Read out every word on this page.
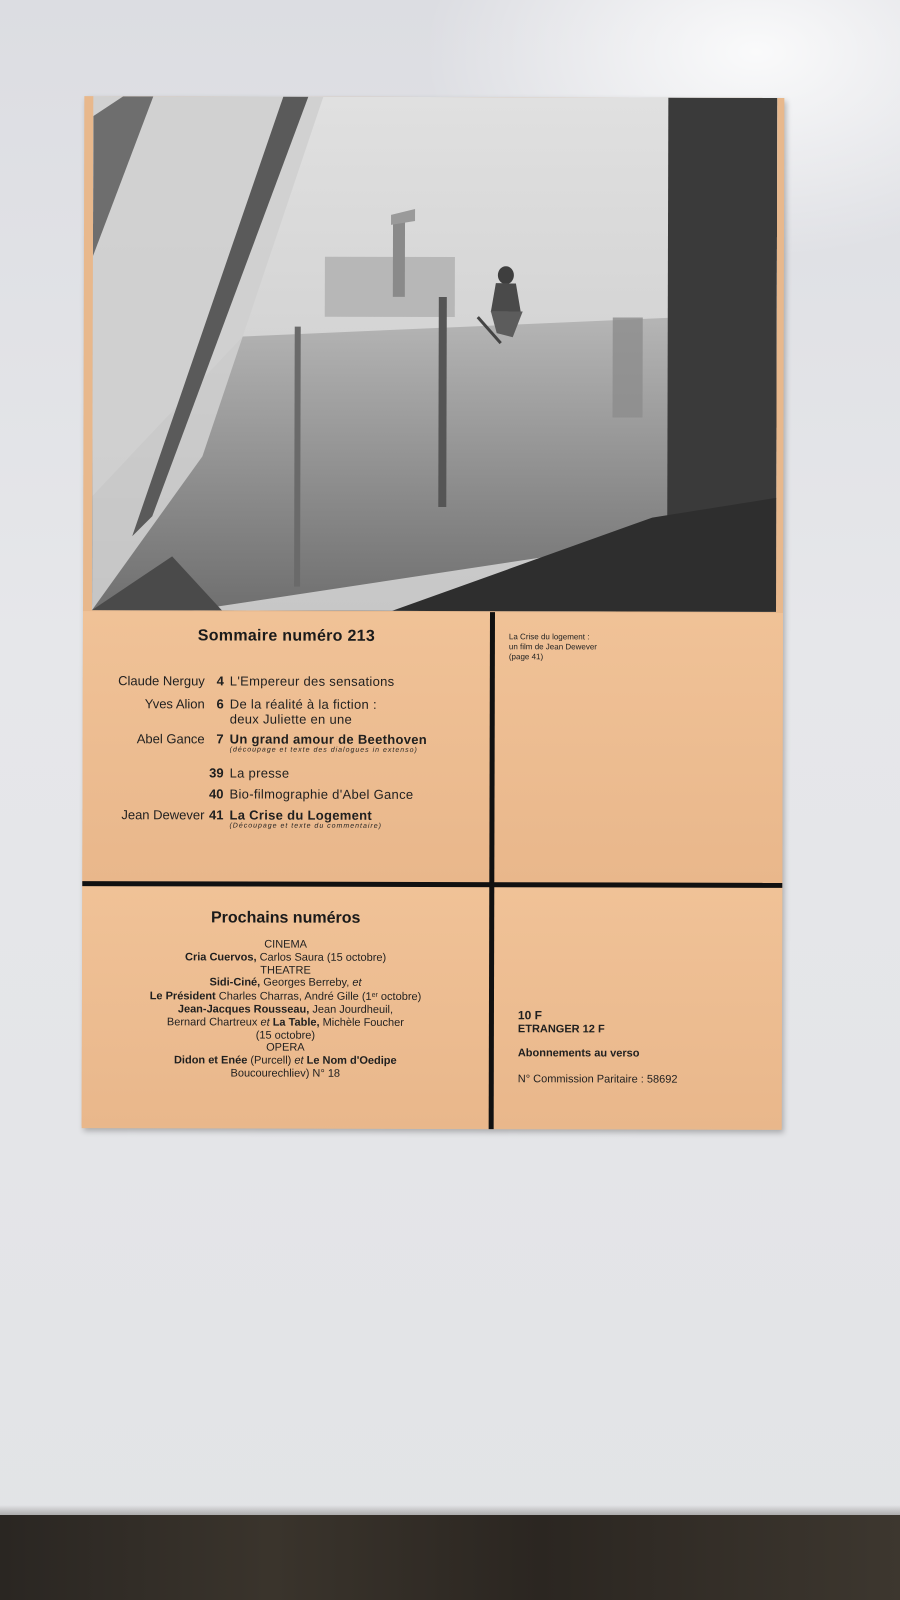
Sommaire numéro 213
Claude Nerguy 4 L'Empereur des sensations
Yves Alion 6 De la réalité à la fiction :
deux Juliette en une
Abel Gance 7 Un grand amour de Beethoven
(découpage et texte des dialogues in extenso)
39 La presse
40 Bio-filmographie d'Abel Gance
Jean Dewever 41 La Crise du Logement
(Découpage et texte du commentaire)
La Crise du logement :
un film de Jean Dewever
(page 41)
Prochains numéros
CINEMA
Cria Cuervos, Carlos Saura (15 octobre)
THEATRE
Sidi-Ciné, Georges Berreby, et
Le Président Charles Charras, André Gille (1er octobre)
Jean-Jacques Rousseau, Jean Jourdheuil,
Bernard Chartreux et La Table, Michèle Foucher
(15 octobre)
OPERA
Didon et Enée (Purcell) et Le Nom d'Oedipe
Boucourechliev) N° 18
10 F
ETRANGER 12 F
Abonnements au verso
N° Commission Paritaire : 58692
